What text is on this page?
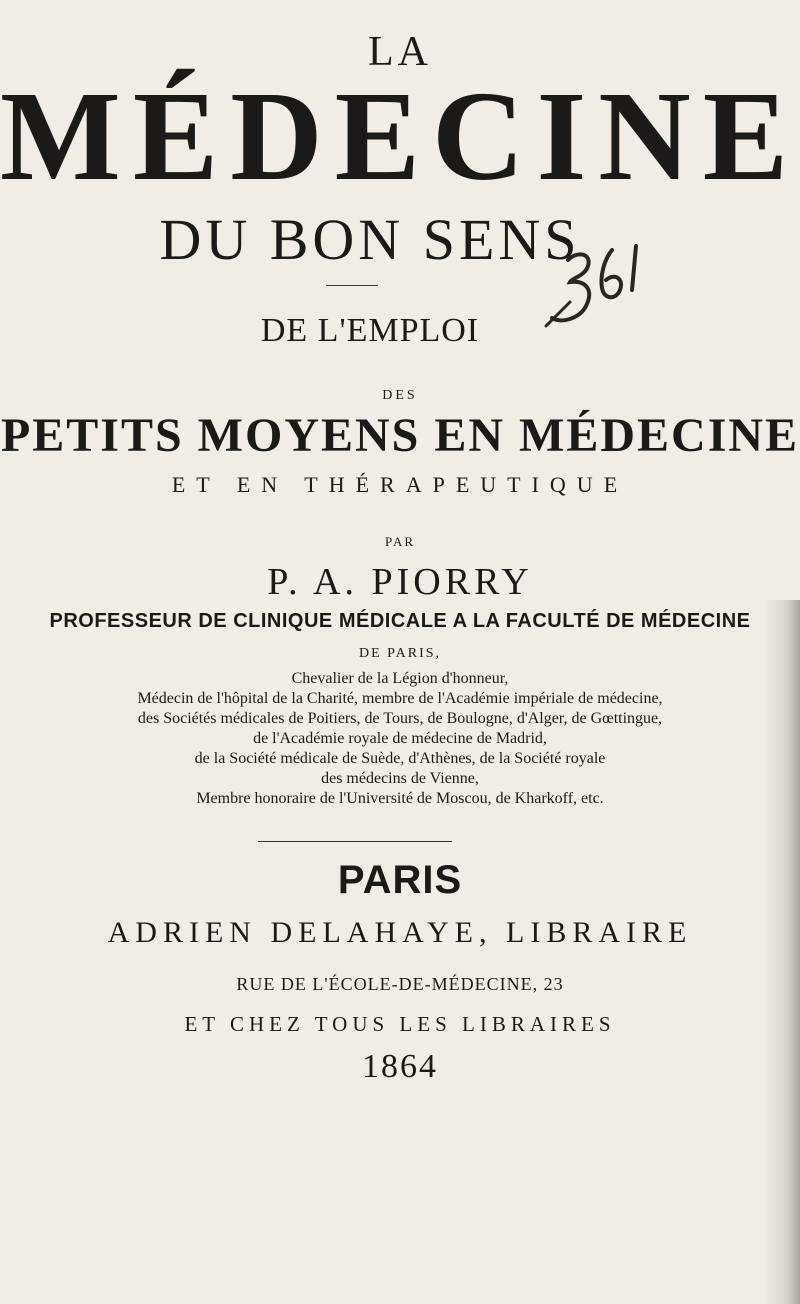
LA
MÉDECINE
DU BON SENS
DE L'EMPLOI
DES
PETITS MOYENS EN MÉDECINE
ET EN THÉRAPEUTIQUE
PAR
P. A. PIORRY
PROFESSEUR DE CLINIQUE MÉDICALE A LA FACULTÉ DE MÉDECINE
DE PARIS,
Chevalier de la Légion d'honneur,
Médecin de l'hôpital de la Charité, membre de l'Académie impériale de médecine,
des Sociétés médicales de Poitiers, de Tours, de Boulogne, d'Alger, de Gœttingue,
de l'Académie royale de médecine de Madrid,
de la Société médicale de Suède, d'Athènes, de la Société royale
des médecins de Vienne,
Membre honoraire de l'Université de Moscou, de Kharkoff, etc.
PARIS
ADRIEN DELAHAYE, LIBRAIRE
RUE DE L'ÉCOLE-DE-MÉDECINE, 23
ET CHEZ TOUS LES LIBRAIRES
1864
